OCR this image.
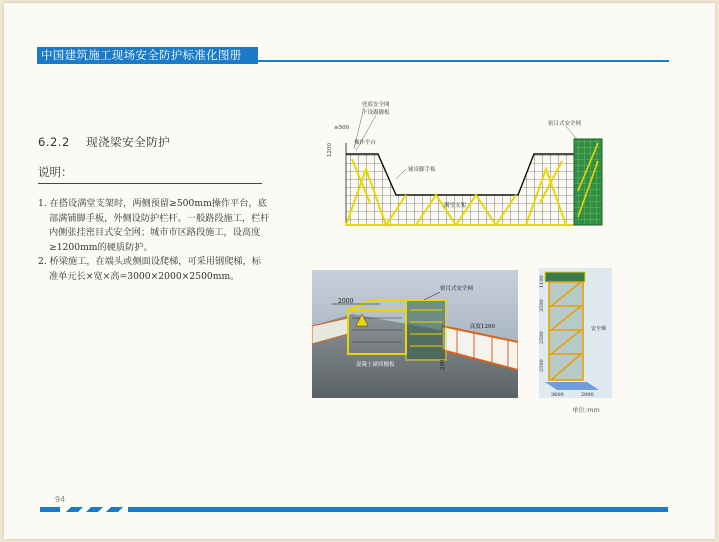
中国建筑施工现场安全防护标准化图册
6.2.2 现浇梁安全防护
说明：

1. 在搭设满堂支架时，两侧预留≥500mm操作平台，底部满铺脚手板，外侧设防护栏杆。一般路段施工，栏杆内侧张挂密目式安全网；城市市区路段施工，设高度≥1200mm的硬质防护。

2. 桥梁施工，在端头或侧面设爬梯，可采用钢爬梯，标准单元长×宽×高=3000×2000×2500mm。

兜底安全网
下设踢脚板
≥500
操作平台
1200
铺设脚手板
密目式安全网
满堂支架
2000
密目式安全网
高度1200
混凝土硬质栅板	200
1100
3500
2500
2500
3600	2000
安全梯
单位:mm
94
